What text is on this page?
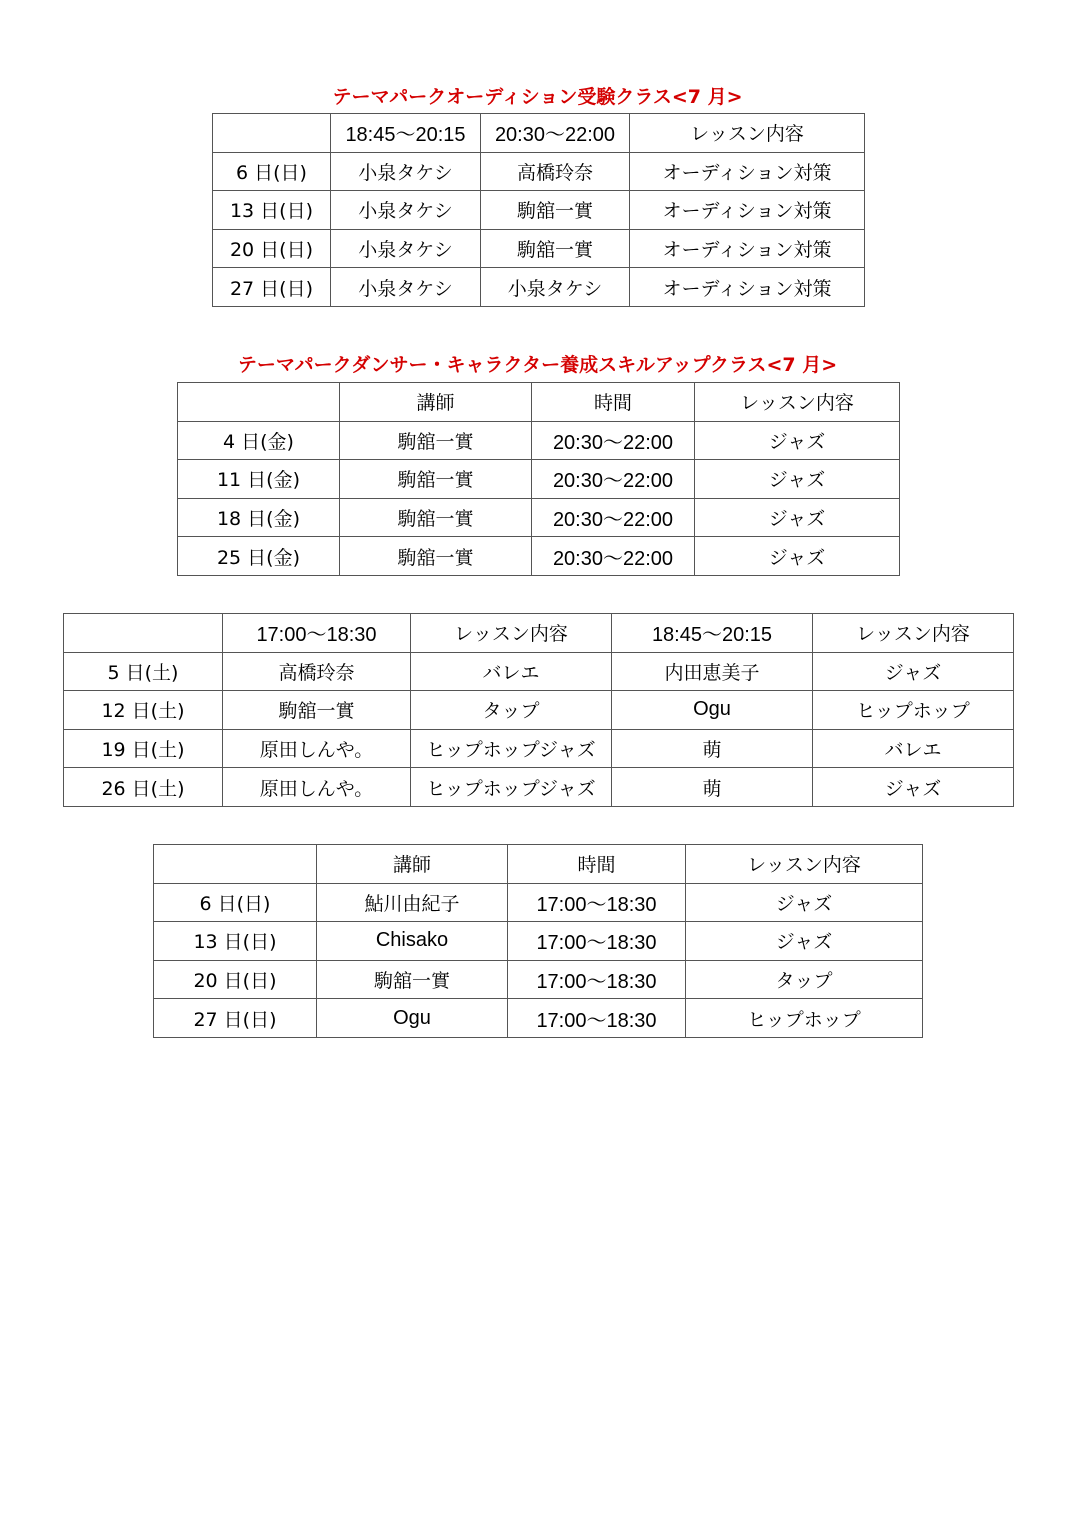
テーマパークオーディション受験クラス<7 月>
	18:45～20:15	20:30～22:00	レッスン内容
6 日(日)	小泉タケシ	高橋玲奈	オーディション対策
13 日(日)	小泉タケシ	駒舘一實	オーディション対策
20 日(日)	小泉タケシ	駒舘一實	オーディション対策
27 日(日)	小泉タケシ	小泉タケシ	オーディション対策
テーマパークダンサー・キャラクター養成スキルアップクラス<7 月>
	講師	時間	レッスン内容
4 日(金)	駒舘一實	20:30～22:00	ジャズ
11 日(金)	駒舘一實	20:30～22:00	ジャズ
18 日(金)	駒舘一實	20:30～22:00	ジャズ
25 日(金)	駒舘一實	20:30～22:00	ジャズ
	17:00～18:30	レッスン内容	18:45～20:15	レッスン内容
5 日(土)	高橋玲奈	バレエ	内田恵美子	ジャズ
12 日(土)	駒舘一實	タップ	Ogu	ヒップホップ
19 日(土)	原田しんや。	ヒップホップジャズ	萌	バレエ
26 日(土)	原田しんや。	ヒップホップジャズ	萌	ジャズ
	講師	時間	レッスン内容
6 日(日)	鮎川由紀子	17:00～18:30	ジャズ
13 日(日)	Chisako	17:00～18:30	ジャズ
20 日(日)	駒舘一實	17:00～18:30	タップ
27 日(日)	Ogu	17:00～18:30	ヒップホップ
